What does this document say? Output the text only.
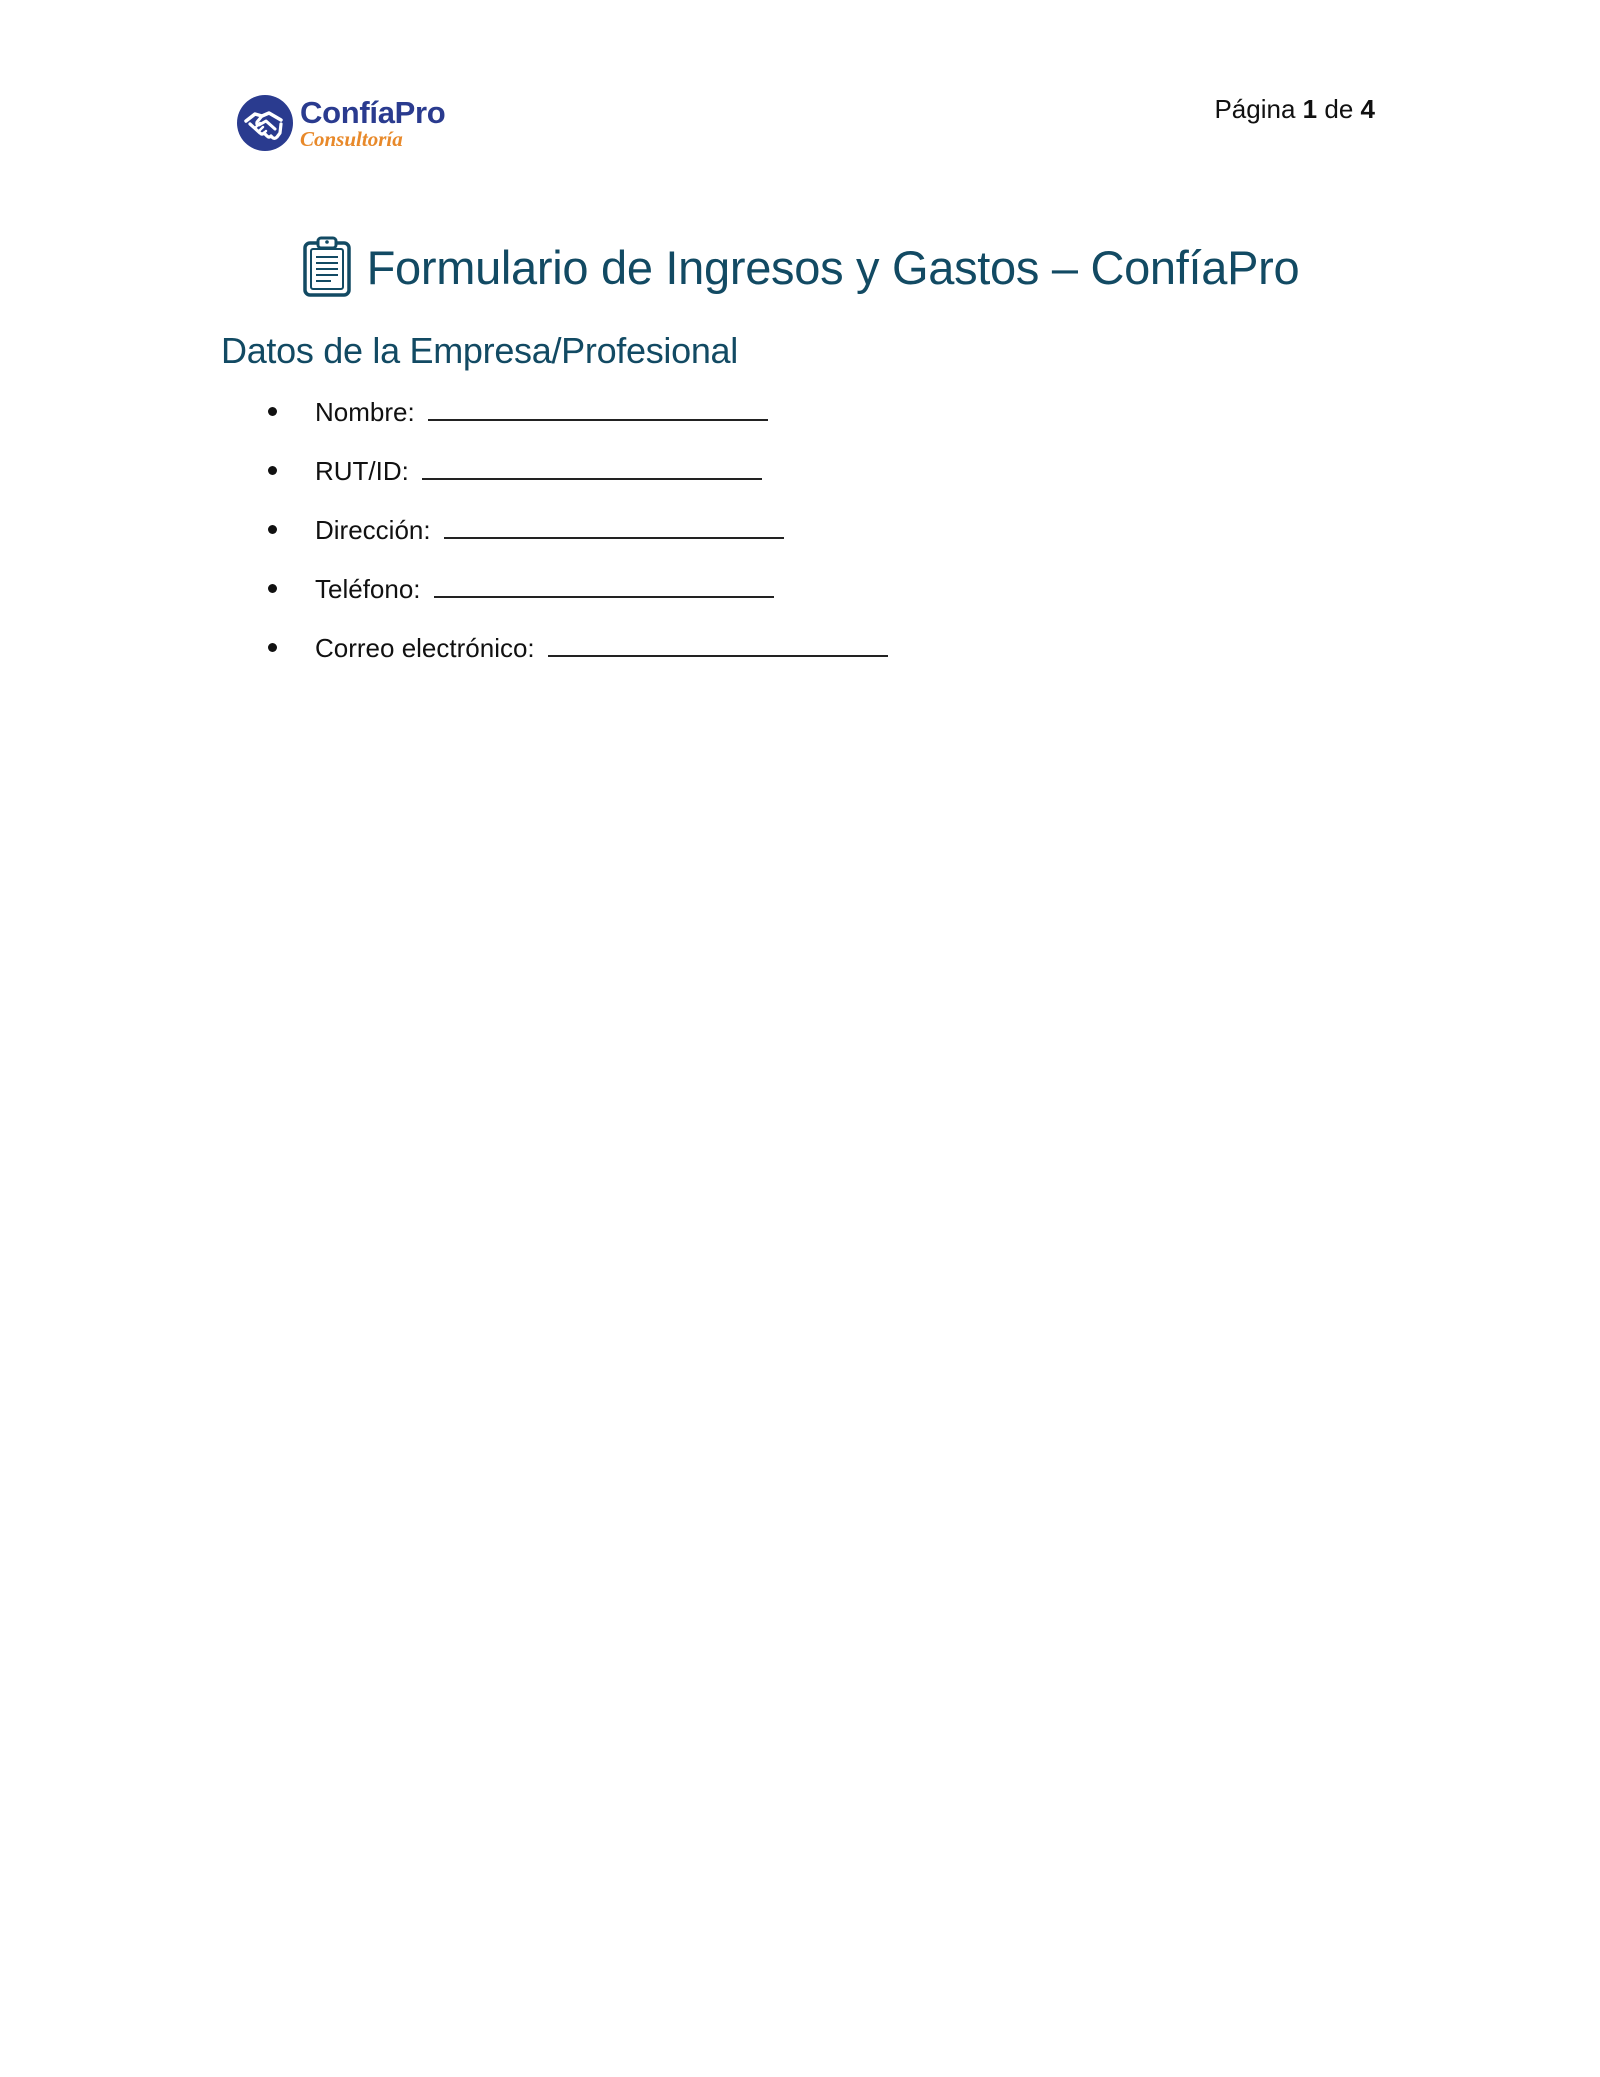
ConfíaPro
Consultoría
Página 1 de 4
Formulario de Ingresos y Gastos – ConfíaPro
Datos de la Empresa/Profesional
Nombre:
RUT/ID:
Dirección:
Teléfono:
Correo electrónico:
